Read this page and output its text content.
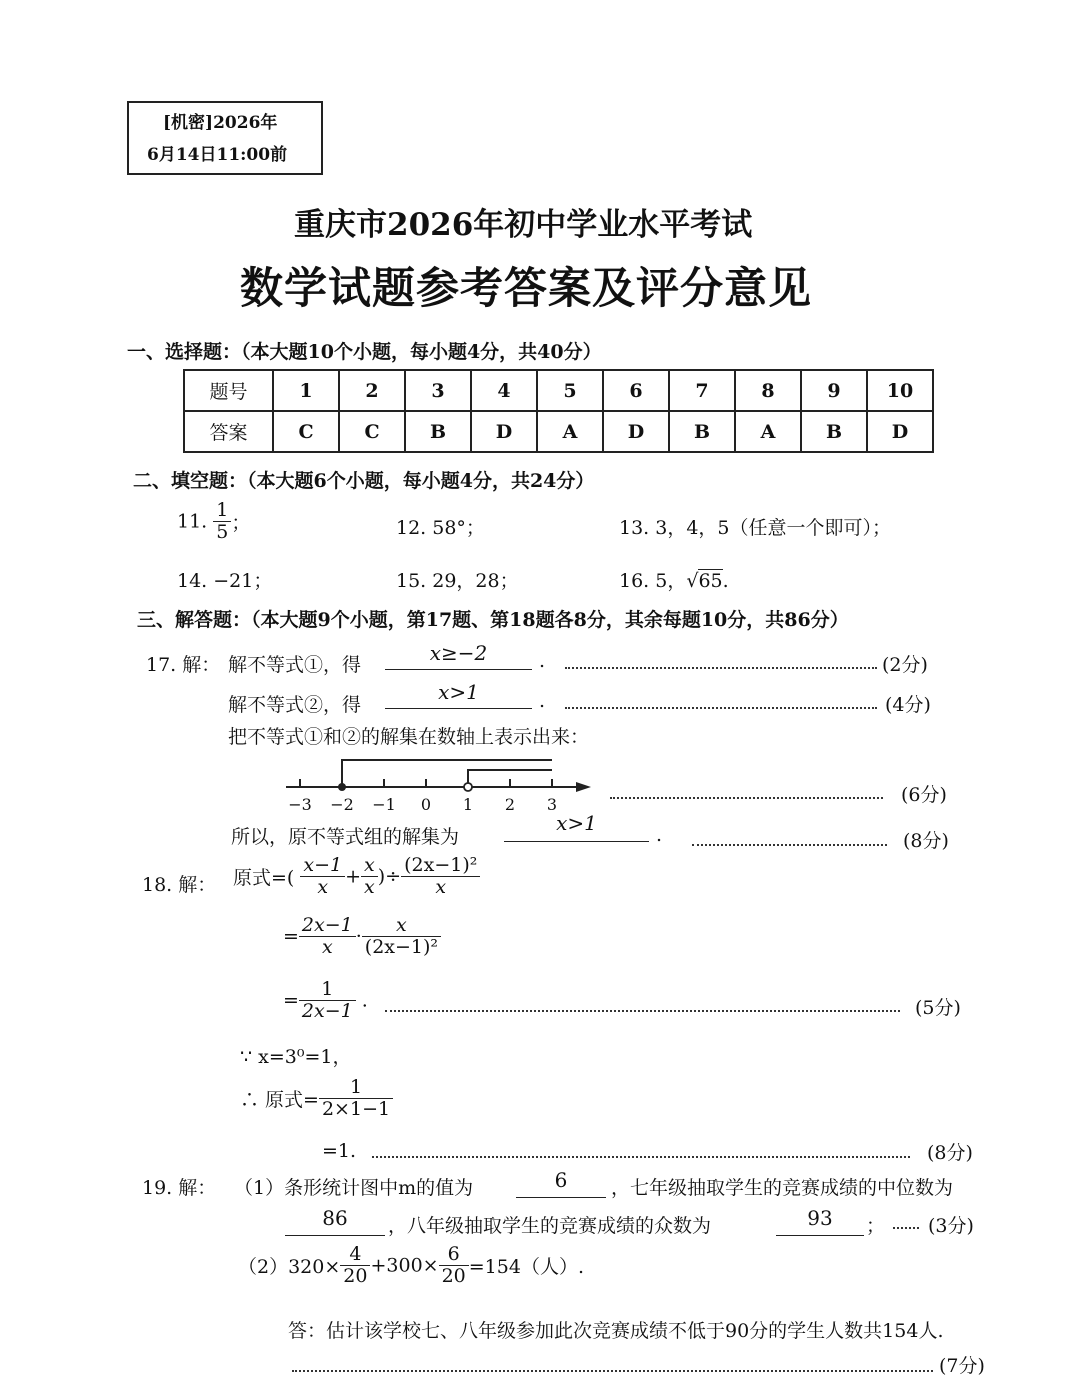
[机密]2026年
6月14日11:00前
重庆市2026年初中学业水平考试
数学试题参考答案及评分意见
一、选择题：（本大题10个小题，每小题4分，共40分）
题号	1	2	3	4	5	6	7	8	9	10
答案	C	C	B	D	A	D	B	A	B	D
二、填空题：（本大题6个小题，每小题4分，共24分）
11. $\frac{1}{5}$ ；	12. 58°；	13. 3，4，5（任意一个即可）；
14. −21；	15. 29，28；	16. 5，√65.
三、解答题：（本大题9个小题，第17题、第18题各8分，其余每题10分，共86分）
17. 解： 解不等式①，得	x≥−2	.	(2分)
解不等式②，得
x>1	.	(4分)
把不等式①和②的解集在数轴上表示出来：
−3 −2 −1 0 1 2 3	(6分)
所以，原不等式组的解集为
x>1	.	(8分)
18. 解： 原式=( $\frac{x-1}{x} + \frac{x}{x}$ )÷ $\frac{\text{(2x−1)²}}{x}$
= $\frac{2x-1}{x} \cdot \frac{x}{\text{(2x−1)²}}$
= $\frac{1}{2x-1}$ .	(5分)
∵ x=3⁰=1，
∴ 原式= $\frac{1}{2\times 1-1}$
=1.	(8分)
19. 解： （1）条形统计图中m的值为	6	，七年级抽取学生的竞赛成绩的中位数为
86	，八年级抽取学生的竞赛成绩的众数为	93	； (3分)
$(2)320\times \frac{4}{20} +300\times \frac{6}{20} =154$（人）.
答：估计该学校七、八年级参加此次竞赛成绩不低于90分的学生人数共154人.
(7分)
